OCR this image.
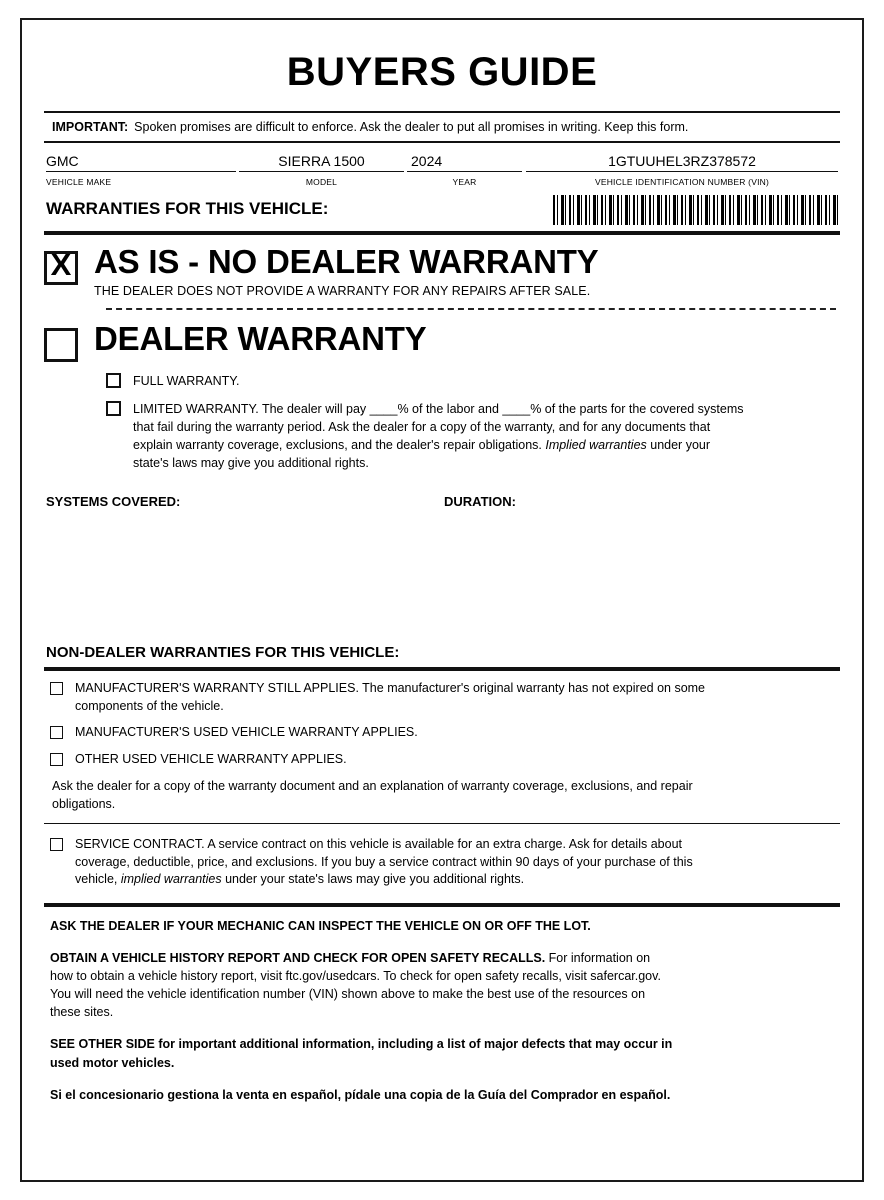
BUYERS GUIDE
IMPORTANT: Spoken promises are difficult to enforce. Ask the dealer to put all promises in writing. Keep this form.
GMC
VEHICLE MAKE
SIERRA 1500
MODEL
2024
YEAR
1GTUUHEL3RZ378572
VEHICLE IDENTIFICATION NUMBER (VIN)
WARRANTIES FOR THIS VEHICLE:
X AS IS - NO DEALER WARRANTY
THE DEALER DOES NOT PROVIDE A WARRANTY FOR ANY REPAIRS AFTER SALE.
DEALER WARRANTY
FULL WARRANTY.
LIMITED WARRANTY. The dealer will pay ____% of the labor and ____% of the parts for the covered systems
that fail during the warranty period. Ask the dealer for a copy of the warranty, and for any documents that
explain warranty coverage, exclusions, and the dealer's repair obligations. Implied warranties under your
state's laws may give you additional rights.
SYSTEMS COVERED:	DURATION:
NON-DEALER WARRANTIES FOR THIS VEHICLE:
MANUFACTURER'S WARRANTY STILL APPLIES. The manufacturer's original warranty has not expired on some
components of the vehicle.
MANUFACTURER'S USED VEHICLE WARRANTY APPLIES.
OTHER USED VEHICLE WARRANTY APPLIES.
Ask the dealer for a copy of the warranty document and an explanation of warranty coverage, exclusions, and repair
obligations.
SERVICE CONTRACT. A service contract on this vehicle is available for an extra charge. Ask for details about
coverage, deductible, price, and exclusions. If you buy a service contract within 90 days of your purchase of this
vehicle, implied warranties under your state's laws may give you additional rights.
ASK THE DEALER IF YOUR MECHANIC CAN INSPECT THE VEHICLE ON OR OFF THE LOT.
OBTAIN A VEHICLE HISTORY REPORT AND CHECK FOR OPEN SAFETY RECALLS. For information on
how to obtain a vehicle history report, visit ftc.gov/usedcars. To check for open safety recalls, visit safercar.gov.
You will need the vehicle identification number (VIN) shown above to make the best use of the resources on
these sites.
SEE OTHER SIDE for important additional information, including a list of major defects that may occur in
used motor vehicles.
Si el concesionario gestiona la venta en español, pídale una copia de la Guía del Comprador en español.
